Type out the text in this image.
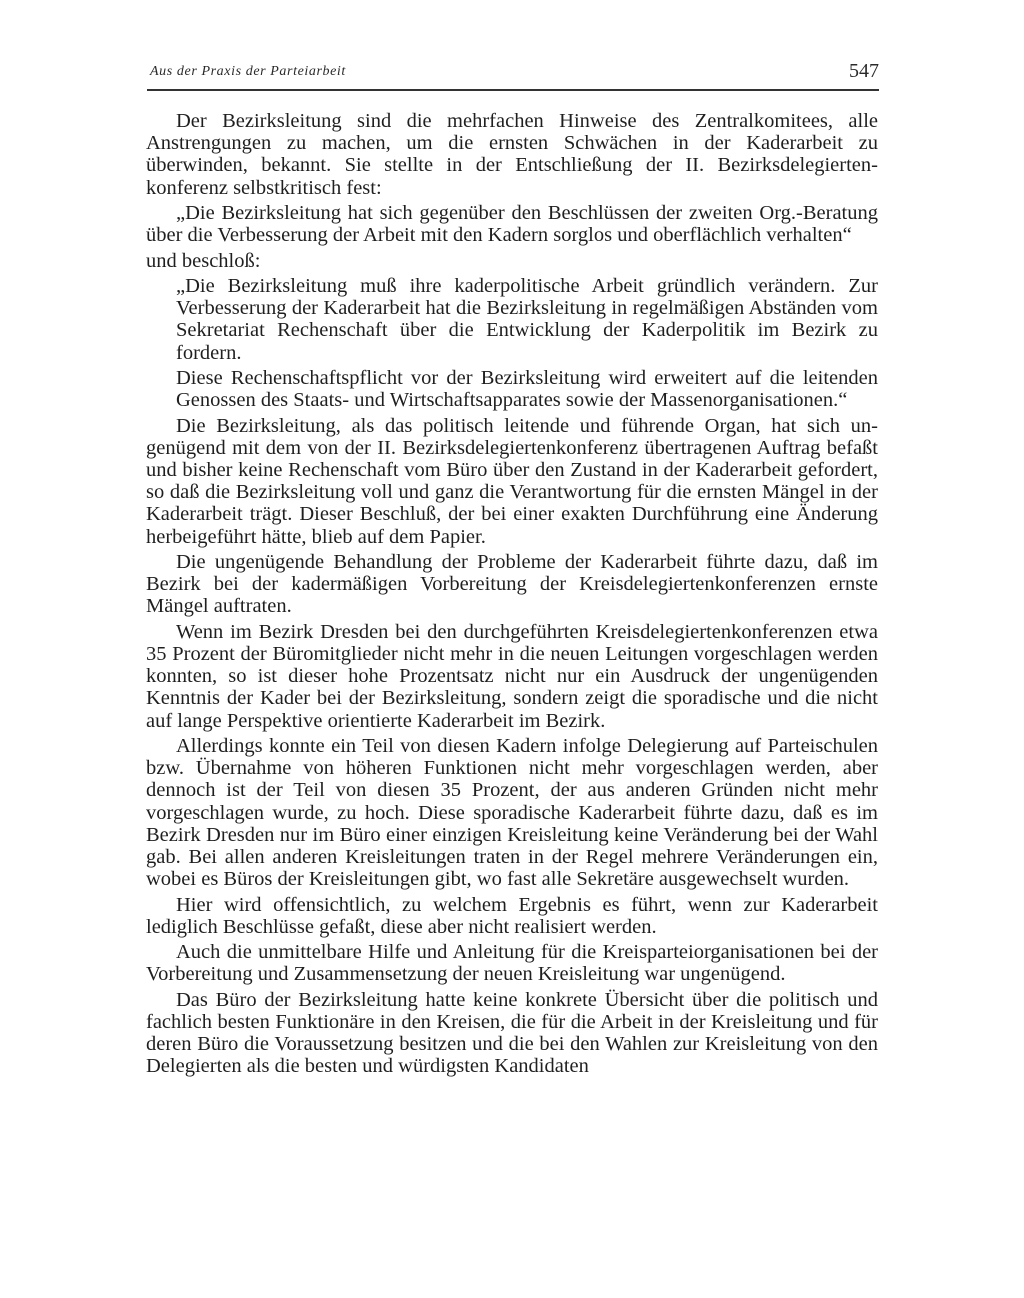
Aus der Praxis der Parteiarbeit	547

Der Bezirksleitung sind die mehrfachen Hinweise des Zentralkomitees, alle Anstrengungen zu machen, um die ernsten Schwächen in der Kaderarbeit zu überwinden, bekannt. Sie stellte in der Entschließung der II. Bezirksdelegiertenkonferenz selbstkritisch fest:

„Die Bezirksleitung hat sich gegenüber den Beschlüssen der zweiten Org.-Beratung über die Verbesserung der Arbeit mit den Kadern sorglos und oberflächlich verhalten“

und beschloß:

„Die Bezirksleitung muß ihre kaderpolitische Arbeit gründlich verändern. Zur Verbesserung der Kaderarbeit hat die Bezirksleitung in regelmäßigen Abständen vom Sekretariat Rechenschaft über die Entwicklung der Kaderpolitik im Bezirk zu fordern.

Diese Rechenschaftspflicht vor der Bezirksleitung wird erweitert auf die leitenden Genossen des Staats- und Wirtschaftsapparates sowie der Massenorganisationen.“

Die Bezirksleitung, als das politisch leitende und führende Organ, hat sich ungenügend mit dem von der II. Bezirksdelegiertenkonferenz übertragenen Auftrag befaßt und bisher keine Rechenschaft vom Büro über den Zustand in der Kaderarbeit gefordert, so daß die Bezirksleitung voll und ganz die Verantwortung für die ernsten Mängel in der Kaderarbeit trägt. Dieser Beschluß, der bei einer exakten Durchführung eine Änderung herbeigeführt hätte, blieb auf dem Papier.

Die ungenügende Behandlung der Probleme der Kaderarbeit führte dazu, daß im Bezirk bei der kadermäßigen Vorbereitung der Kreisdelegiertenkonferenzen ernste Mängel auftraten.

Wenn im Bezirk Dresden bei den durchgeführten Kreisdelegiertenkonferenzen etwa 35 Prozent der Büromitglieder nicht mehr in die neuen Leitungen vorgeschlagen werden konnten, so ist dieser hohe Prozentsatz nicht nur ein Ausdruck der ungenügenden Kenntnis der Kader bei der Bezirksleitung, sondern zeigt die sporadische und die nicht auf lange Perspektive orientierte Kaderarbeit im Bezirk.

Allerdings konnte ein Teil von diesen Kadern infolge Delegierung auf Parteischulen bzw. Übernahme von höheren Funktionen nicht mehr vorgeschlagen werden, aber dennoch ist der Teil von diesen 35 Prozent, der aus anderen Gründen nicht mehr vorgeschlagen wurde, zu hoch. Diese sporadische Kaderarbeit führte dazu, daß es im Bezirk Dresden nur im Büro einer einzigen Kreisleitung keine Veränderung bei der Wahl gab. Bei allen anderen Kreisleitungen traten in der Regel mehrere Veränderungen ein, wobei es Büros der Kreisleitungen gibt, wo fast alle Sekretäre ausgewechselt wurden.

Hier wird offensichtlich, zu welchem Ergebnis es führt, wenn zur Kaderarbeit lediglich Beschlüsse gefaßt, diese aber nicht realisiert werden.

Auch die unmittelbare Hilfe und Anleitung für die Kreisparteiorganisationen bei der Vorbereitung und Zusammensetzung der neuen Kreisleitung war ungenügend.

Das Büro der Bezirksleitung hatte keine konkrete Übersicht über die politisch und fachlich besten Funktionäre in den Kreisen, die für die Arbeit in der Kreisleitung und für deren Büro die Voraussetzung besitzen und die bei den Wahlen zur Kreisleitung von den Delegierten als die besten und würdigsten Kandidaten
